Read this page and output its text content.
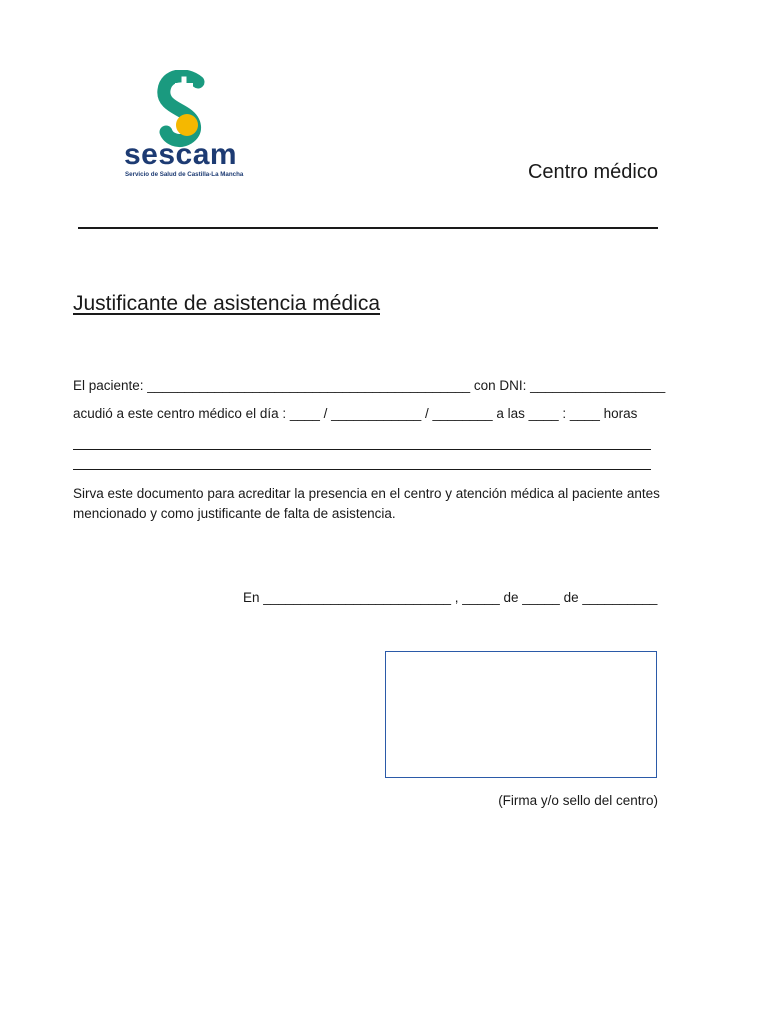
sescam
Servicio de Salud de Castilla-La Mancha	Centro médico
Justificante de asistencia médica
El paciente: ___________________________________________ con DNI: __________________
acudió a este centro médico el día : ____ / ____________ / ________ a las ____ : ____ horas
Sirva este documento para acreditar la presencia en el centro y atención médica al paciente antes mencionado y como justificante de falta de asistencia.
En _________________________ , _____ de _____ de __________
(Firma y/o sello del centro)
